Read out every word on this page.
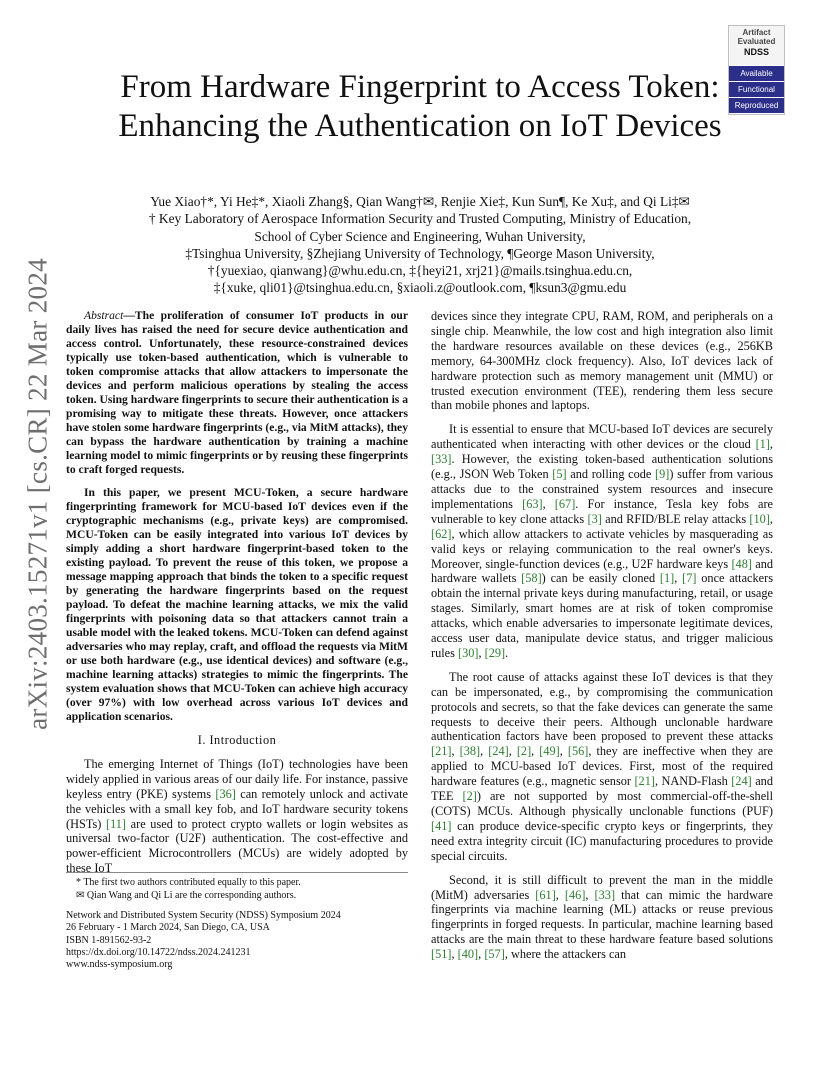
arXiv:2403.15271v1 [cs.CR] 22 Mar 2024
Artifact
Evaluated
NDSS
Available
Functional
Reproduced
From Hardware Fingerprint to Access Token:
Enhancing the Authentication on IoT Devices
Yue Xiao†*, Yi He‡*, Xiaoli Zhang§, Qian Wang†✉, Renjie Xie‡, Kun Sun¶, Ke Xu‡, and Qi Li‡✉
† Key Laboratory of Aerospace Information Security and Trusted Computing, Ministry of Education,
School of Cyber Science and Engineering, Wuhan University,
‡Tsinghua University, §Zhejiang University of Technology, ¶George Mason University,
†{yuexiao, qianwang}@whu.edu.cn, ‡{heyi21, xrj21}@mails.tsinghua.edu.cn,
‡{xuke, qli01}@tsinghua.edu.cn, §xiaoli.z@outlook.com, ¶ksun3@gmu.edu

Abstract—The proliferation of consumer IoT products in our daily lives has raised the need for secure device authentication and access control. Unfortunately, these resource-constrained devices typically use token-based authentication, which is vulnerable to token compromise attacks that allow attackers to impersonate the devices and perform malicious operations by stealing the access token. Using hardware fingerprints to secure their authentication is a promising way to mitigate these threats. However, once attackers have stolen some hardware fingerprints (e.g., via MitM attacks), they can bypass the hardware authentication by training a machine learning model to mimic fingerprints or by reusing these fingerprints to craft forged requests.

In this paper, we present MCU-Token, a secure hardware fingerprinting framework for MCU-based IoT devices even if the cryptographic mechanisms (e.g., private keys) are compromised. MCU-Token can be easily integrated into various IoT devices by simply adding a short hardware fingerprint-based token to the existing payload. To prevent the reuse of this token, we propose a message mapping approach that binds the token to a specific request by generating the hardware fingerprints based on the request payload. To defeat the machine learning attacks, we mix the valid fingerprints with poisoning data so that attackers cannot train a usable model with the leaked tokens. MCU-Token can defend against adversaries who may replay, craft, and offload the requests via MitM or use both hardware (e.g., use identical devices) and software (e.g., machine learning attacks) strategies to mimic the fingerprints. The system evaluation shows that MCU-Token can achieve high accuracy (over 97%) with low overhead across various IoT devices and application scenarios.

I. Introduction

The emerging Internet of Things (IoT) technologies have been widely applied in various areas of our daily life. For instance, passive keyless entry (PKE) systems [36] can remotely unlock and activate the vehicles with a small key fob, and IoT hardware security tokens (HSTs) [11] are used to protect crypto wallets or login websites as universal two-factor (U2F) authentication. The cost-effective and power-efficient Microcontrollers (MCUs) are widely adopted by these IoT

* The first two authors contributed equally to this paper.
✉ Qian Wang and Qi Li are the corresponding authors.
Network and Distributed System Security (NDSS) Symposium 2024
26 February - 1 March 2024, San Diego, CA, USA
ISBN 1-891562-93-2
https://dx.doi.org/10.14722/ndss.2024.241231
www.ndss-symposium.org

devices since they integrate CPU, RAM, ROM, and peripherals on a single chip. Meanwhile, the low cost and high integration also limit the hardware resources available on these devices (e.g., 256KB memory, 64-300MHz clock frequency). Also, IoT devices lack of hardware protection such as memory management unit (MMU) or trusted execution environment (TEE), rendering them less secure than mobile phones and laptops.

It is essential to ensure that MCU-based IoT devices are securely authenticated when interacting with other devices or the cloud [1], [33]. However, the existing token-based authentication solutions (e.g., JSON Web Token [5] and rolling code [9]) suffer from various attacks due to the constrained system resources and insecure implementations [63], [67]. For instance, Tesla key fobs are vulnerable to key clone attacks [3] and RFID/BLE relay attacks [10], [62], which allow attackers to activate vehicles by masquerading as valid keys or relaying communication to the real owner's keys. Moreover, single-function devices (e.g., U2F hardware keys [48] and hardware wallets [58]) can be easily cloned [1], [7] once attackers obtain the internal private keys during manufacturing, retail, or usage stages. Similarly, smart homes are at risk of token compromise attacks, which enable adversaries to impersonate legitimate devices, access user data, manipulate device status, and trigger malicious rules [30], [29].

The root cause of attacks against these IoT devices is that they can be impersonated, e.g., by compromising the communication protocols and secrets, so that the fake devices can generate the same requests to deceive their peers. Although unclonable hardware authentication factors have been proposed to prevent these attacks [21], [38], [24], [2], [49], [56], they are ineffective when they are applied to MCU-based IoT devices. First, most of the required hardware features (e.g., magnetic sensor [21], NAND-Flash [24] and TEE [2]) are not supported by most commercial-off-the-shell (COTS) MCUs. Although physically unclonable functions (PUF) [41] can produce device-specific crypto keys or fingerprints, they need extra integrity circuit (IC) manufacturing procedures to provide special circuits.

Second, it is still difficult to prevent the man in the middle (MitM) adversaries [61], [46], [33] that can mimic the hardware fingerprints via machine learning (ML) attacks or reuse previous fingerprints in forged requests. In particular, machine learning based attacks are the main threat to these hardware feature based solutions [51], [40], [57], where the attackers can
